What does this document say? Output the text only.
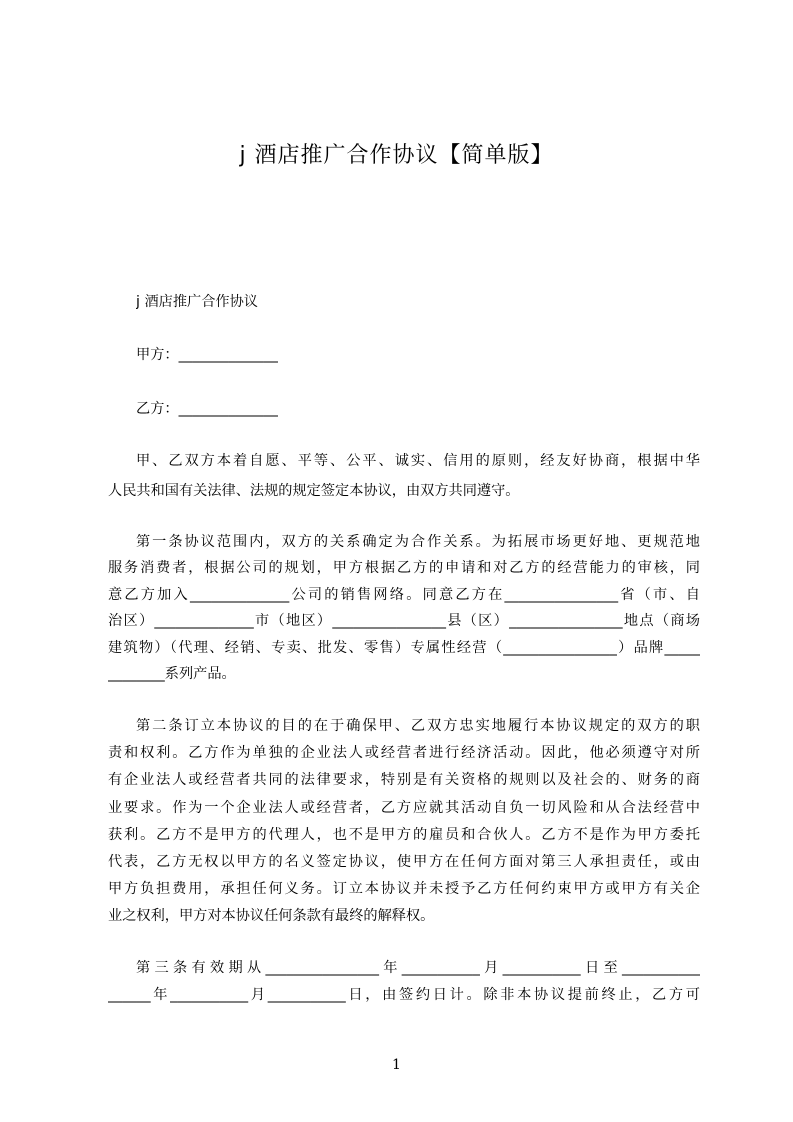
j 酒店推广合作协议【简单版】
j 酒店推广合作协议
甲方：______________
乙方：______________
甲、乙双方本着自愿、平等、公平、诚实、信用的原则，经友好协商，根据中华
人民共和国有关法律、法规的规定签定本协议，由双方共同遵守。
第一条协议范围内，双方的关系确定为合作关系。为拓展市场更好地、更规范地
服务消费者，根据公司的规划，甲方根据乙方的申请和对乙方的经营能力的审核，同
意乙方加入______________公司的销售网络。同意乙方在________________省（市、自
治区）______________市（地区）________________县（区）________________地点（商场
建筑物）（代理、经销、专卖、批发、零售）专属性经营（________________）品牌_____
________系列产品。
第二条订立本协议的目的在于确保甲、乙双方忠实地履行本协议规定的双方的职
责和权利。乙方作为单独的企业法人或经营者进行经济活动。因此，他必须遵守对所
有企业法人或经营者共同的法律要求，特别是有关资格的规则以及社会的、财务的商
业要求。作为一个企业法人或经营者，乙方应就其活动自负一切风险和从合法经营中
获利。乙方不是甲方的代理人，也不是甲方的雇员和合伙人。乙方不是作为甲方委托
代表，乙方无权以甲方的名义签定协议，使甲方在任何方面对第三人承担责任，或由
甲方负担费用，承担任何义务。订立本协议并未授予乙方任何约束甲方或甲方有关企
业之权利，甲方对本协议任何条款有最终的解释权。
第三条有效期从________________年___________月___________日至___________
______年___________月___________日，由签约日计。除非本协议提前终止，乙方可
1
